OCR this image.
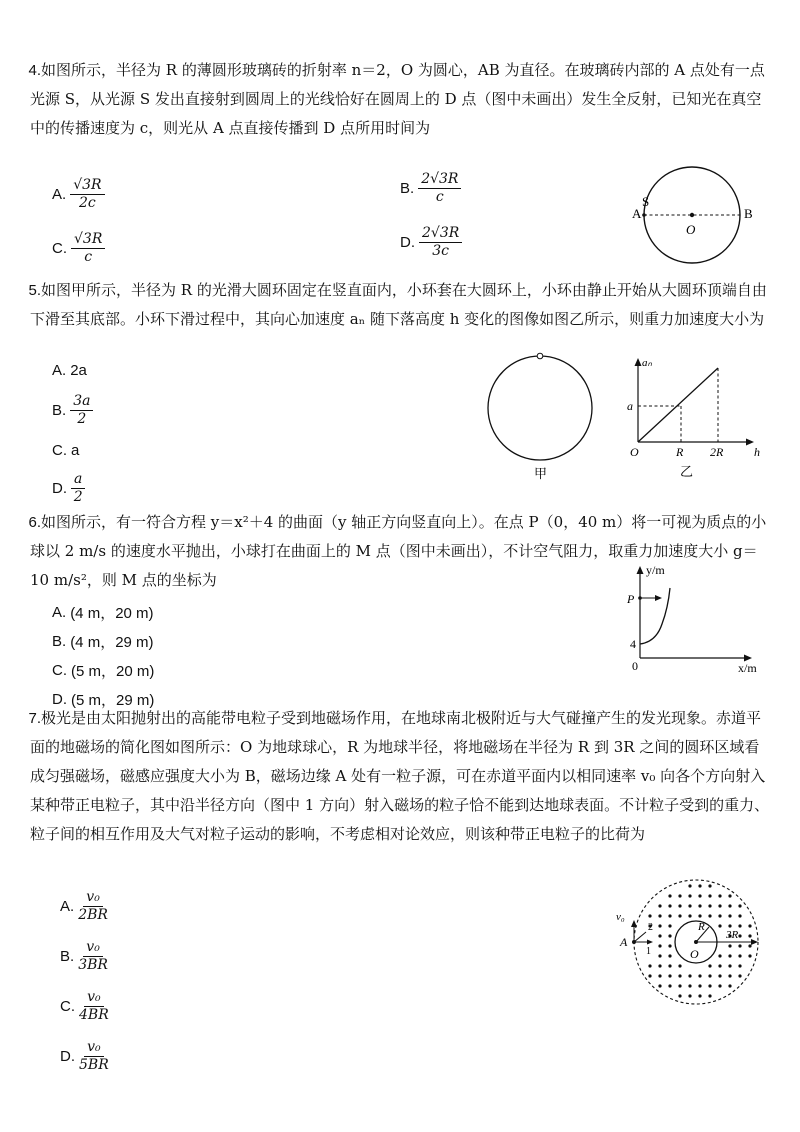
4.如图所示，半径为 R 的薄圆形玻璃砖的折射率 n＝2，O 为圆心，AB 为直径。在玻璃砖内部的 A 点处有一点光源 S，从光源 S 发出直接射到圆周上的光线恰好在圆周上的 D 点（图中未画出）发生全反射，已知光在真空中的传播速度为 c，则光从 A 点直接传播到 D 点所用时间为
A. $\frac{√3R}{2c}$	B. $\frac{2√3R}{c}$
C. $\frac{√3R}{c}$	D. $\frac{2√3R}{3c}$
A
S
O
B
5.如图甲所示，半径为 R 的光滑大圆环固定在竖直面内，小环套在大圆环上，小环由静止开始从大圆环顶端自由下滑至其底部。小环下滑过程中，其向心加速度 aₙ 随下落高度 h 变化的图像如图乙所示，则重力加速度大小为
A. 2a
B. $\frac{3a}{2}$
C. a
D. $\frac{a}{2}$	甲
aₙ
a
O	R 2R	h
乙
6.如图所示，有一符合方程 y＝x²＋4 的曲面（y 轴正方向竖直向上）。在点 P（0，40 m）将一可视为质点的小球以 2 m/s 的速度水平抛出，小球打在曲面上的 M 点（图中未画出），不计空气阻力，取重力加速度大小 g＝10 m/s²，则 M 点的坐标为
A. (4 m，20 m)
B. (4 m，29 m)
C. (5 m，20 m)
D. (5 m，29 m)
y/m
P
4
0	x/m
7.极光是由太阳抛射出的高能带电粒子受到地磁场作用，在地球南北极附近与大气碰撞产生的发光现象。赤道平面的地磁场的简化图如图所示：O 为地球球心，R 为地球半径，将地磁场在半径为 R 到 3R 之间的圆环区域看成匀强磁场，磁感应强度大小为 B，磁场边缘 A 处有一粒子源，可在赤道平面内以相同速率 v₀ 向各个方向射入某种带正电粒子，其中沿半径方向（图中 1 方向）射入磁场的粒子恰不能到达地球表面。不计粒子受到的重力、粒子间的相互作用及大气对粒子运动的影响，不考虑相对论效应，则该种带正电粒子的比荷为
A. $\frac{\text{v₀}}{2BR}$
B. $\frac{\text{v₀}}{3BR}$
C. $\frac{\text{v₀}}{4BR}$
D. $\frac{\text{v₀}}{5BR}$
v₀
A
2
1
R
O
3R
